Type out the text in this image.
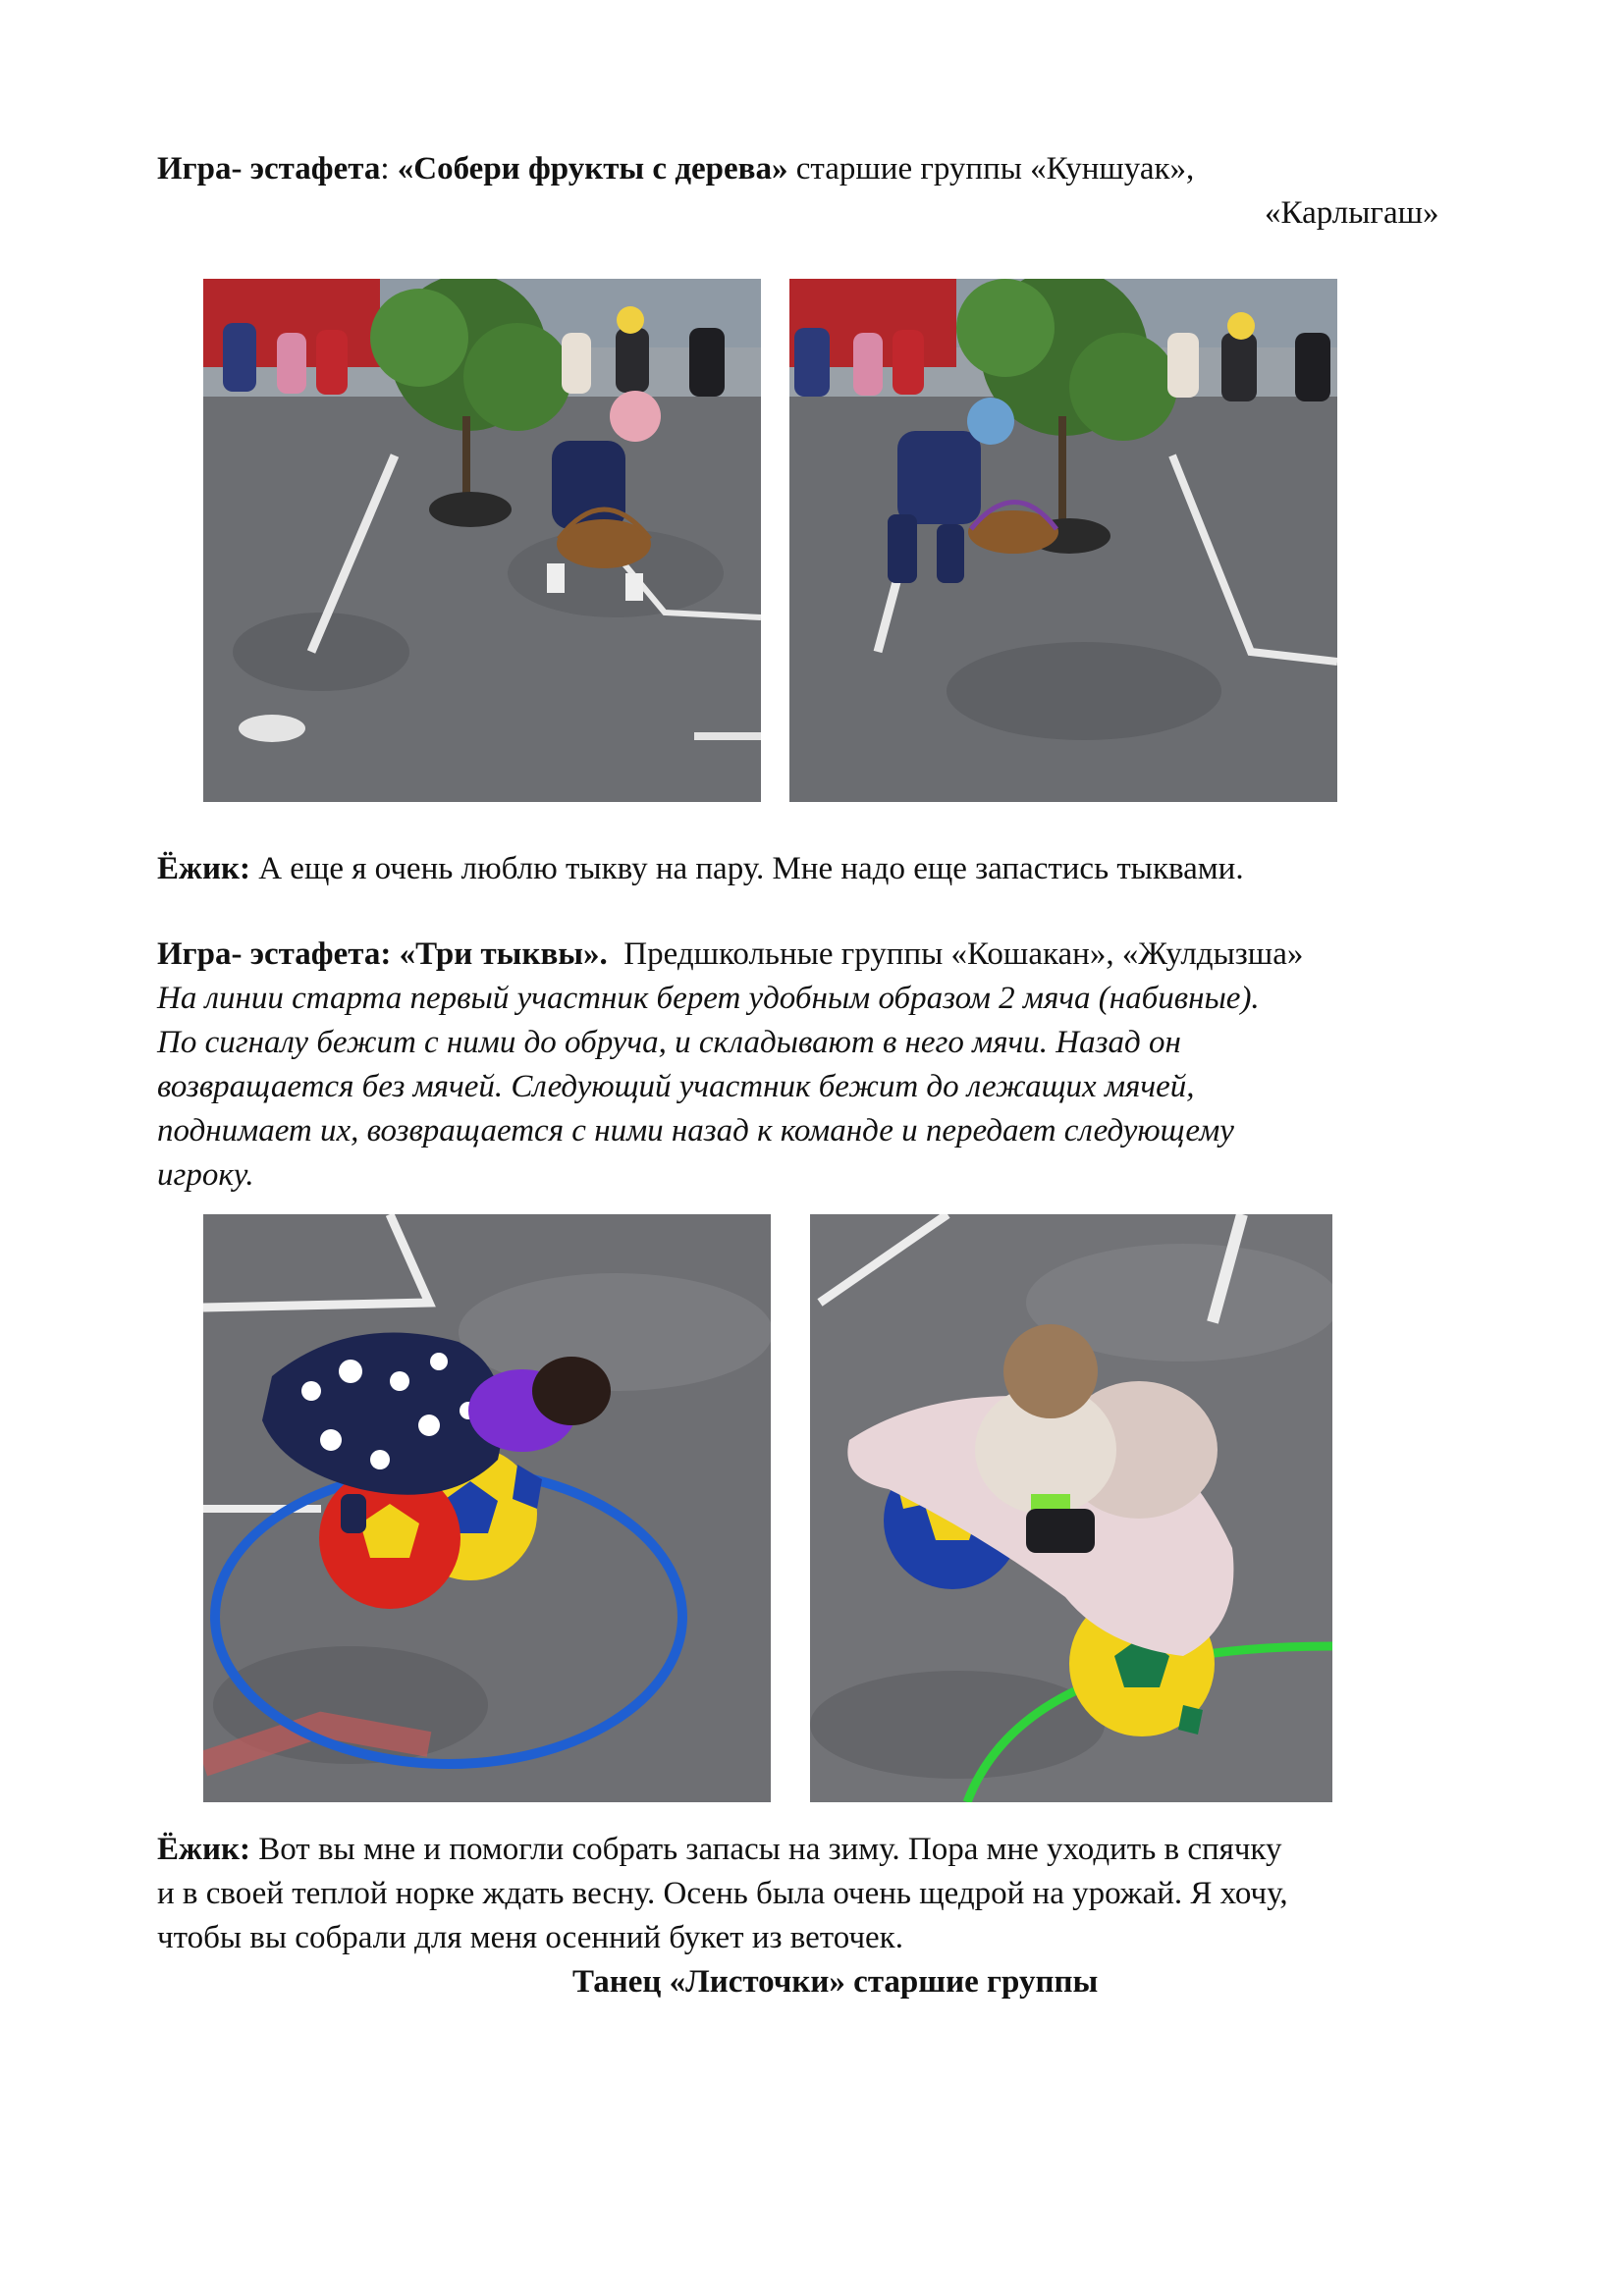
Игра- эстафета: «Собери фрукты с дерева» старшие группы «Куншуак»,
«Карлыгаш»
Ёжик: А еще я очень люблю тыкву на пару. Мне надо еще запастись тыквами.
Игра- эстафета: «Три тыквы».  Предшкольные группы «Кошакан», «Жулдызша»
На линии старта первый участник берет удобным образом 2 мяча (набивные).
По сигналу бежит с ними до обруча, и складывают в него мячи. Назад он
возвращается без мячей. Следующий участник бежит до лежащих мячей,
поднимает их, возвращается с ними назад к команде и передает следующему
игроку.
Ёжик: Вот вы мне и помогли собрать запасы на зиму. Пора мне уходить в спячку
и в своей теплой норке ждать весну. Осень была очень щедрой на урожай. Я хочу,
чтобы вы собрали для меня осенний букет из веточек.
Танец «Листочки» старшие группы
